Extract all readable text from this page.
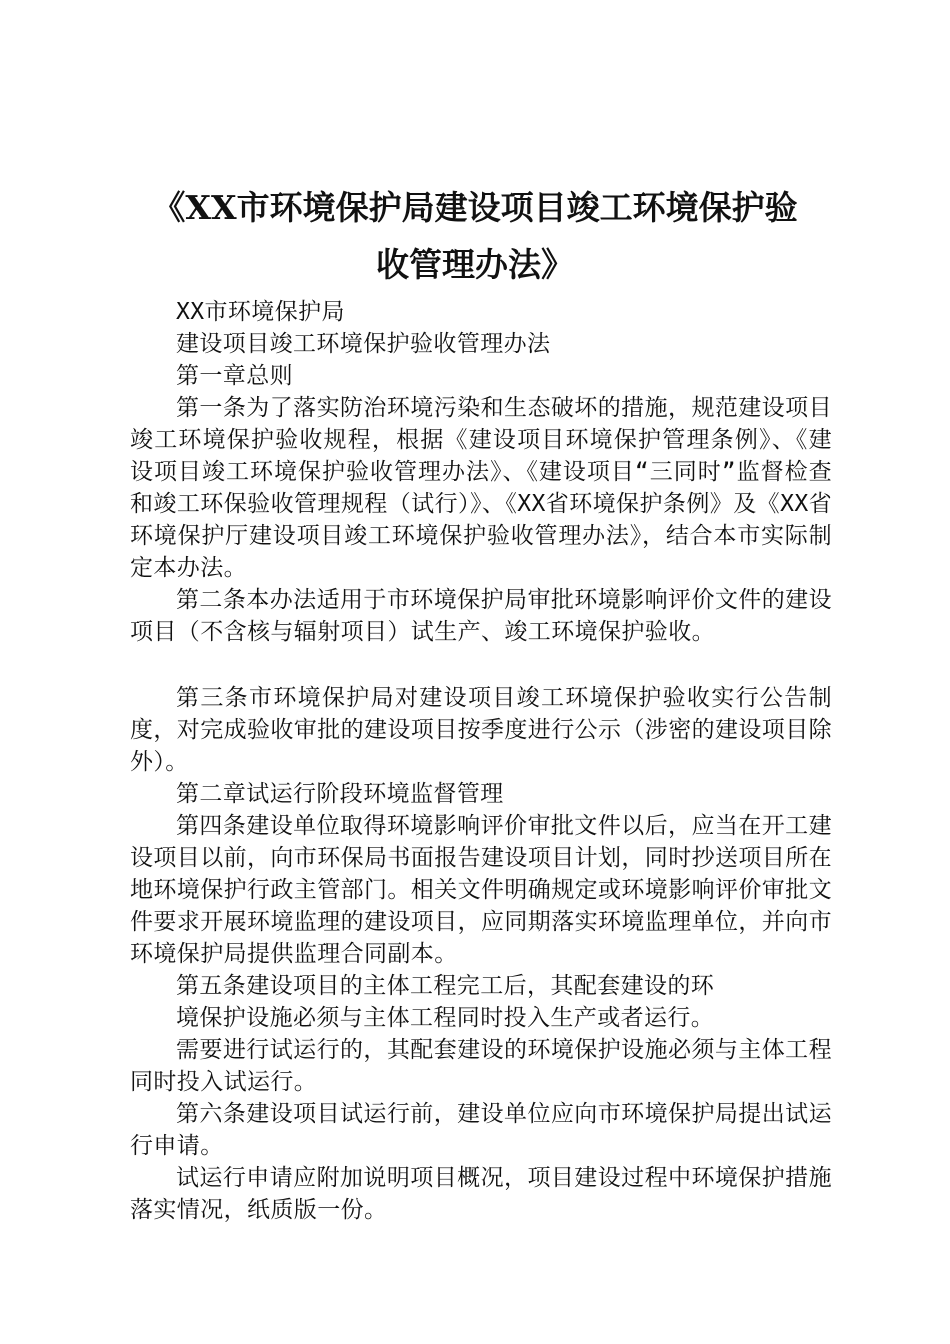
《XX市环境保护局建设项目竣工环境保护验
收管理办法》

XX市环境保护局

建设项目竣工环境保护验收管理办法

第一章总则

第一条为了落实防治环境污染和生态破坏的措施，规范建设项目竣工环境保护验收规程，根据《建设项目环境保护管理条例》、《建设项目竣工环境保护验收管理办法》、《建设项目“三同时”监督检查和竣工环保验收管理规程（试行）》、《XX省环境保护条例》及《XX省环境保护厅建设项目竣工环境保护验收管理办法》，结合本市实际制定本办法。

第二条本办法适用于市环境保护局审批环境影响评价文件的建设项目（不含核与辐射项目）试生产、竣工环境保护验收。

第三条市环境保护局对建设项目竣工环境保护验收实行公告制度，对完成验收审批的建设项目按季度进行公示（涉密的建设项目除外）。

第二章试运行阶段环境监督管理

第四条建设单位取得环境影响评价审批文件以后，应当在开工建设项目以前，向市环保局书面报告建设项目计划，同时抄送项目所在地环境保护行政主管部门。相关文件明确规定或环境影响评价审批文件要求开展环境监理的建设项目，应同期落实环境监理单位，并向市环境保护局提供监理合同副本。

第五条建设项目的主体工程完工后，其配套建设的环

境保护设施必须与主体工程同时投入生产或者运行。

需要进行试运行的，其配套建设的环境保护设施必须与主体工程同时投入试运行。

第六条建设项目试运行前，建设单位应向市环境保护局提出试运行申请。

试运行申请应附加说明项目概况，项目建设过程中环境保护措施落实情况，纸质版一份。
